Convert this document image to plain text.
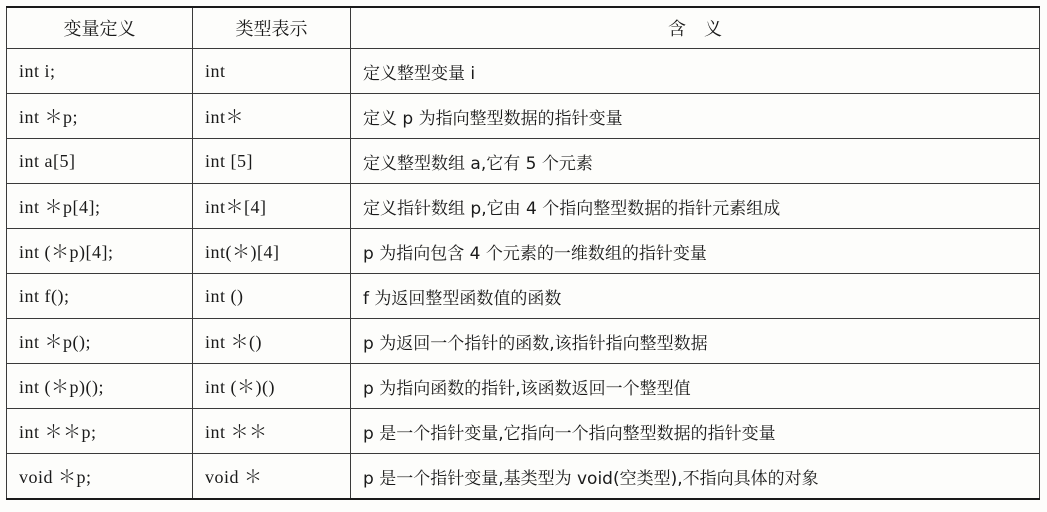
变量定义	类型表示	含　义
int i;	int	定义整型变量 i
int ＊p;	int＊	定义 p 为指向整型数据的指针变量
int a[5]	int [5]	定义整型数组 a,它有 5 个元素
int ＊p[4];	int＊[4]	定义指针数组 p,它由 4 个指向整型数据的指针元素组成
int (＊p)[4];	int(＊)[4]	p 为指向包含 4 个元素的一维数组的指针变量
int f();	int ()	f 为返回整型函数值的函数
int ＊p();	int ＊()	p 为返回一个指针的函数,该指针指向整型数据
int (＊p)();	int (＊)()	p 为指向函数的指针,该函数返回一个整型值
int ＊＊p;	int ＊＊	p 是一个指针变量,它指向一个指向整型数据的指针变量
void ＊p;	void ＊	p 是一个指针变量,基类型为 void(空类型),不指向具体的对象
